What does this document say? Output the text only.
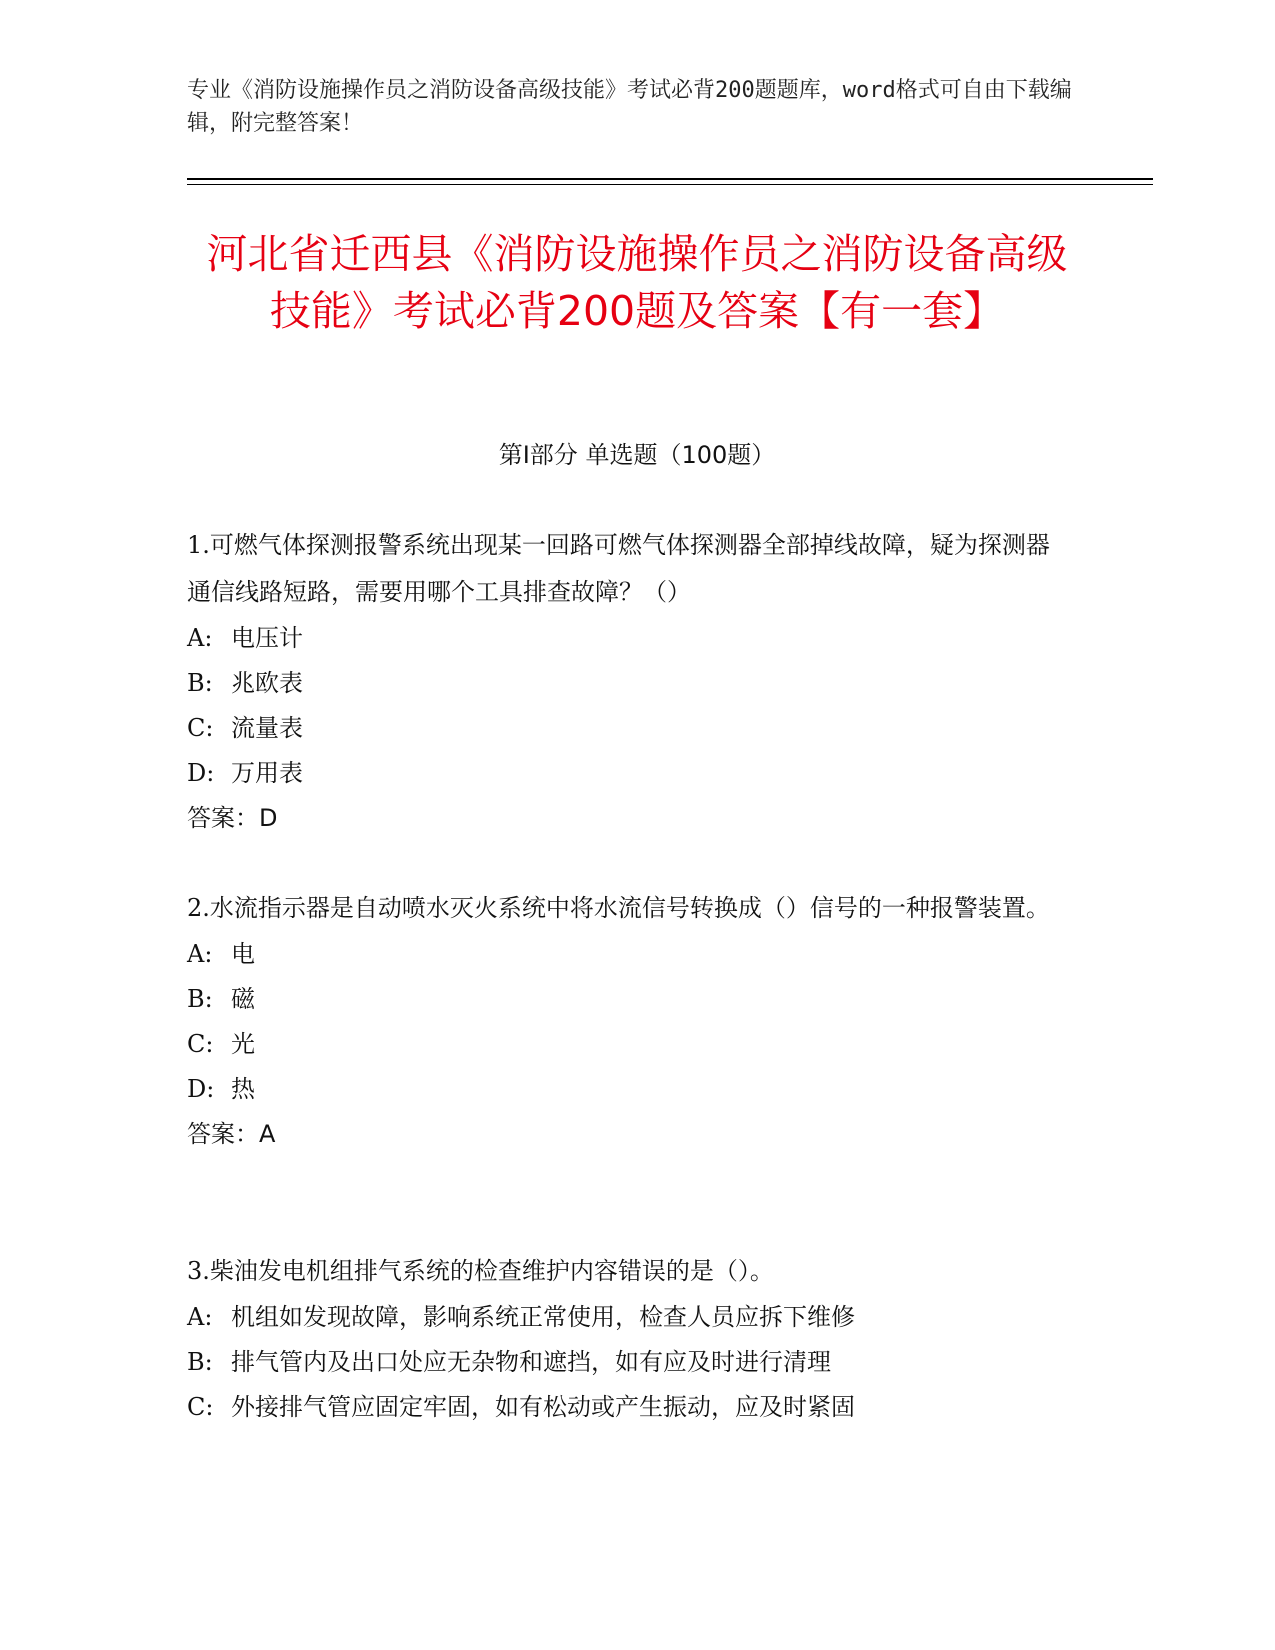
专业《消防设施操作员之消防设备高级技能》考试必背200题题库，word格式可自由下载编辑，附完整答案！
河北省迁西县《消防设施操作员之消防设备高级技能》考试必背200题及答案【有一套】
第I部分 单选题（100题）
1.可燃气体探测报警系统出现某一回路可燃气体探测器全部掉线故障，疑为探测器通信线路短路，需要用哪个工具排查故障？（）
A: 电压计
B: 兆欧表
C: 流量表
D: 万用表
答案：D
2.水流指示器是自动喷水灭火系统中将水流信号转换成（）信号的一种报警装置。
A: 电
B: 磁
C: 光
D: 热
答案：A
3.柴油发电机组排气系统的检查维护内容错误的是（）。
A: 机组如发现故障，影响系统正常使用，检查人员应拆下维修
B: 排气管内及出口处应无杂物和遮挡，如有应及时进行清理
C: 外接排气管应固定牢固，如有松动或产生振动，应及时紧固
